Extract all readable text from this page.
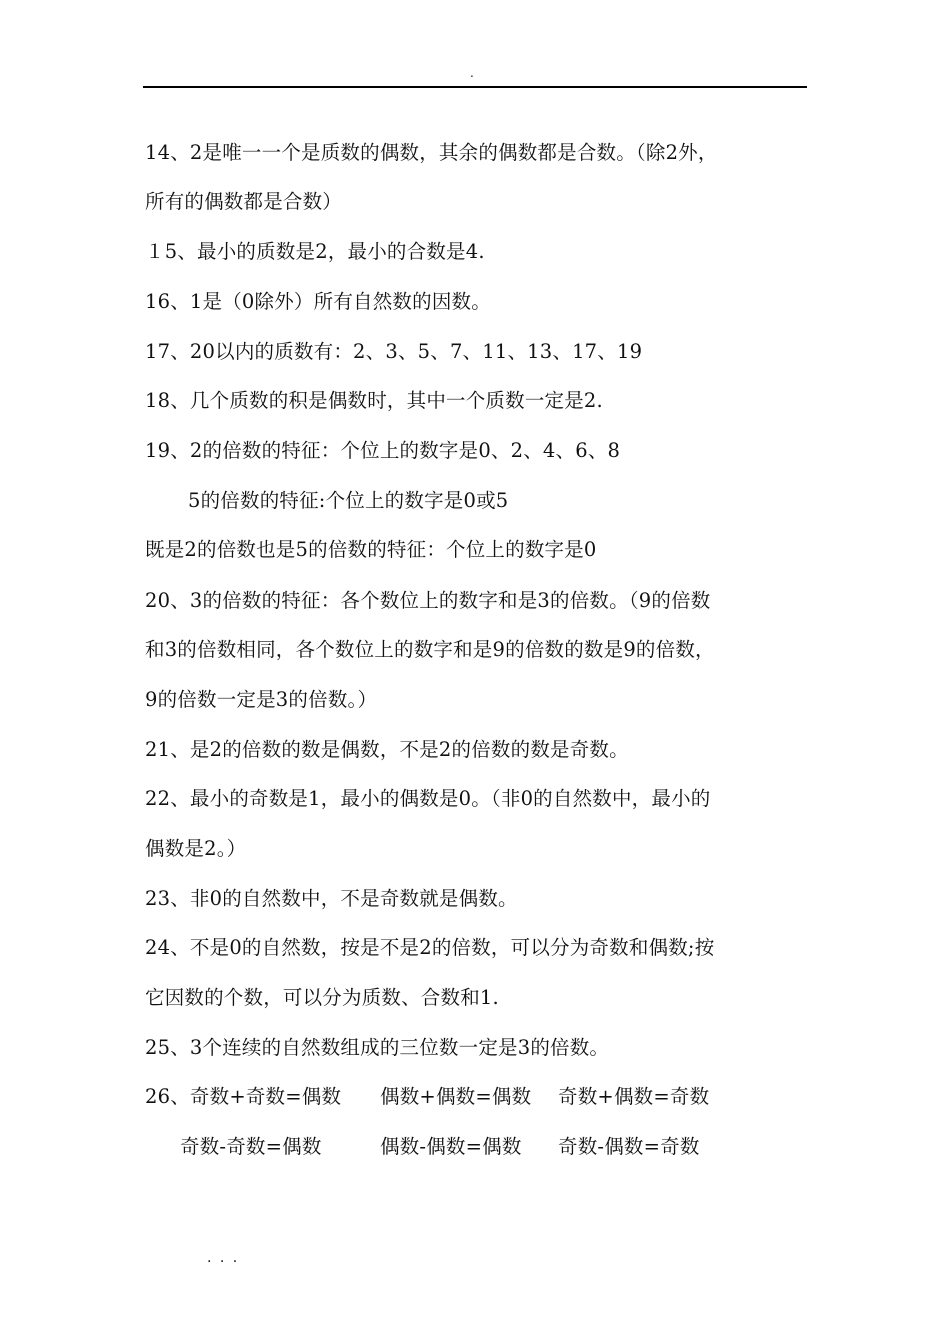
.
14、2是唯一一个是质数的偶数，其余的偶数都是合数。（除2外，
所有的偶数都是合数）
１5、最小的质数是2，最小的合数是4.
16、1是（0除外）所有自然数的因数。
17、20以内的质数有：2、3、5、7、11、13、17、19
18、几个质数的积是偶数时，其中一个质数一定是2.
19、2的倍数的特征：个位上的数字是0、2、4、6、8
5的倍数的特征:个位上的数字是0或5
既是2的倍数也是5的倍数的特征：个位上的数字是0
20、3的倍数的特征：各个数位上的数字和是3的倍数。（9的倍数
和3的倍数相同，各个数位上的数字和是9的倍数的数是9的倍数，
9的倍数一定是3的倍数。）
21、是2的倍数的数是偶数，不是2的倍数的数是奇数。
22、最小的奇数是1，最小的偶数是0。（非0的自然数中，最小的
偶数是2。）
23、非0的自然数中，不是奇数就是偶数。
24、不是0的自然数，按是不是2的倍数，可以分为奇数和偶数;按
它因数的个数，可以分为质数、合数和1.
25、3个连续的自然数组成的三位数一定是3的倍数。
26、奇数+奇数=偶数 偶数+偶数=偶数 奇数+偶数=奇数
奇数-奇数=偶数	偶数-偶数=偶数 奇数-偶数=奇数
. . .
